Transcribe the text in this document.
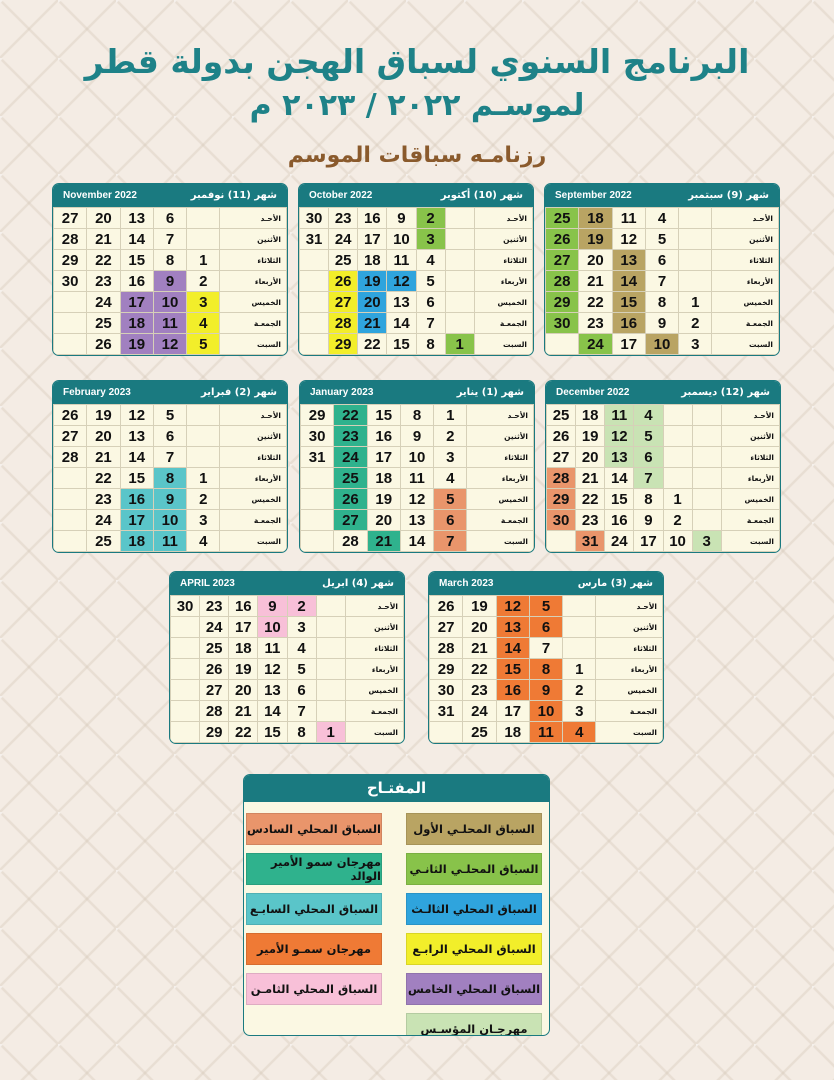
البرنامج السنوي لسباق الهجن بدولة قطر
لموسـم ٢٠٢٢ / ٢٠٢٣ م
رزنامـه سباقات الموسم
September 2022	شهر (9) سبتمبر
25	18	11	4		الأحـد
26	19	12	5		الأثنين
27	20	13	6		الثلاثاء
28	21	14	7		الأربعاء
29	22	15	8	1	الخميس
30	23	16	9	2	الجمعـة
	24	17	10	3	السبت
October 2022	شهر (10) أكتوبر
30	23	16	9	2		الأحـد
31	24	17	10	3		الأثنين
	25	18	11	4		الثلاثاء
	26	19	12	5		الأربعاء
	27	20	13	6		الخميس
	28	21	14	7		الجمعـة
	29	22	15	8	1	السبت
November 2022	شهر (11) نوفمبر
27	20	13	6		الأحـد
28	21	14	7		الأثنين
29	22	15	8	1	الثلاثاء
30	23	16	9	2	الأربعاء
	24	17	10	3	الخميس
	25	18	11	4	الجمعـة
	26	19	12	5	السبت
December 2022	شهر (12) ديسمبر
25	18	11	4			الأحـد
26	19	12	5			الأثنين
27	20	13	6			الثلاثاء
28	21	14	7			الأربعاء
29	22	15	8	1		الخميس
30	23	16	9	2		الجمعـة
	31	24	17	10	3	السبت
January 2023	شهر (1) يناير
29	22	15	8	1	الأحـد
30	23	16	9	2	الأثنين
31	24	17	10	3	الثلاثاء
	25	18	11	4	الأربعاء
	26	19	12	5	الخميس
	27	20	13	6	الجمعـة
	28	21	14	7	السبت
February 2023	شهر (2) فبراير
26	19	12	5		الأحـد
27	20	13	6		الأثنين
28	21	14	7		الثلاثاء
	22	15	8	1	الأربعاء
	23	16	9	2	الخميس
	24	17	10	3	الجمعـة
	25	18	11	4	السبت
March 2023	شهر (3) مارس
26	19	12	5		الأحـد
27	20	13	6		الأثنين
28	21	14	7		الثلاثاء
29	22	15	8	1	الأربعاء
30	23	16	9	2	الخميس
31	24	17	10	3	الجمعـة
	25	18	11	4	السبت
APRIL 2023	شهر (4) ابريل
30	23	16	9	2		الأحـد
	24	17	10	3		الأثنين
	25	18	11	4		الثلاثاء
	26	19	12	5		الأربعاء
	27	20	13	6		الخميس
	28	21	14	7		الجمعـة
	29	22	15	8	1	السبت
المفتـاح
السباق المحلـي الأول
السباق المحلي السادس
السباق المحلـي الثانـي
مهرجان سمو الأمير الوالد
السباق المحلي الثالـث
السباق المحلي السابـع
السباق المحلي الرابـع
مهرجان سمـو الأمير
السباق المحلي الخامس
السباق المحلي الثامـن
مهرجـان المؤسـس
